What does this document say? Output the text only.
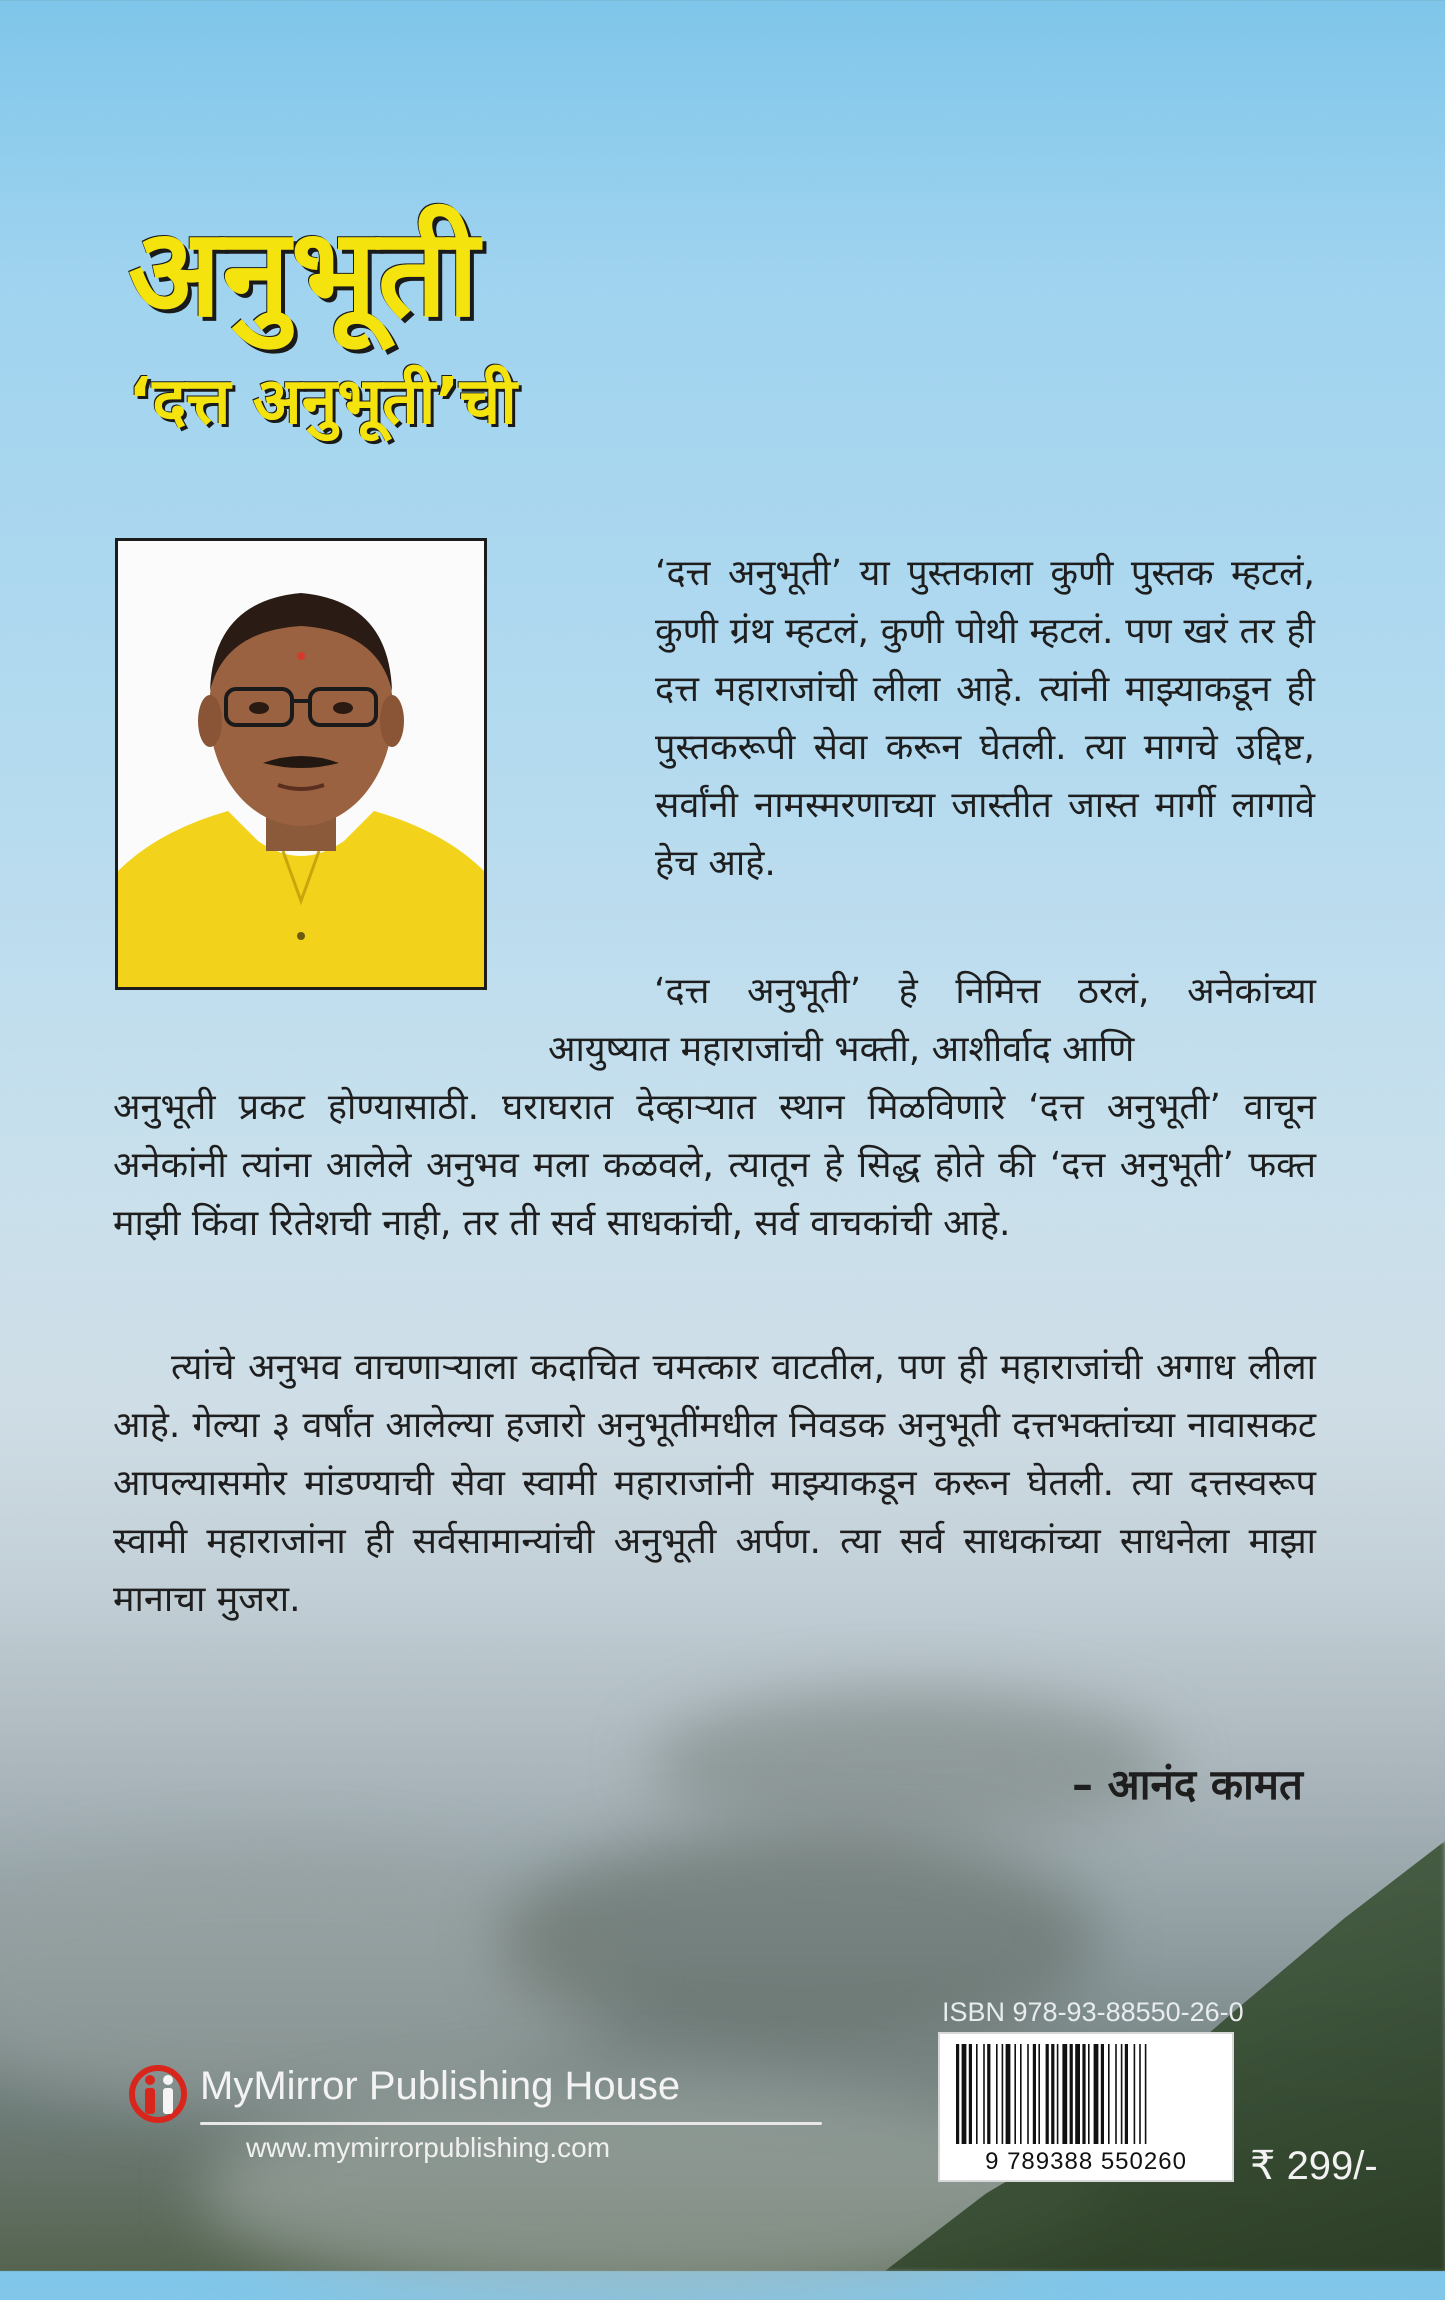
अनुभूती
‘दत्त अनुभूती’ची

‘दत्त अनुभूती’ या पुस्तकाला कुणी पुस्तक म्हटलं, कुणी ग्रंथ म्हटलं, कुणी पोथी म्हटलं. पण खरं तर ही दत्त महाराजांची लीला आहे. त्यांनी माझ्याकडून ही पुस्तकरूपी सेवा करून घेतली. त्या मागचे उद्दिष्ट, सर्वांनी नामस्मरणाच्या जास्तीत जास्त मार्गी लागावे हेच आहे.

‘दत्त अनुभूती’ हे निमित्त ठरलं, अनेकांच्या आयुष्यात महाराजांची भक्ती, आशीर्वाद आणि

अनुभूती प्रकट होण्यासाठी. घराघरात देव्हाऱ्यात स्थान मिळविणारे ‘दत्त अनुभूती’ वाचून अनेकांनी त्यांना आलेले अनुभव मला कळवले, त्यातून हे सिद्ध होते की ‘दत्त अनुभूती’ फक्त माझी किंवा रितेशची नाही, तर ती सर्व साधकांची, सर्व वाचकांची आहे.

त्यांचे अनुभव वाचणाऱ्याला कदाचित चमत्कार वाटतील, पण ही महाराजांची अगाध लीला आहे. गेल्या ३ वर्षांत आलेल्या हजारो अनुभूतींमधील निवडक अनुभूती दत्तभक्तांच्या नावासकट आपल्यासमोर मांडण्याची सेवा स्वामी महाराजांनी माझ्याकडून करून घेतली. त्या दत्तस्वरूप स्वामी महाराजांना ही सर्वसामान्यांची अनुभूती अर्पण. त्या सर्व साधकांच्या साधनेला माझा मानाचा मुजरा.

– आनंद कामत

ISBN 978-93-88550-26-0

9 789388 550260	₹ 299/-

MyMirror Publishing House

www.mymirrorpublishing.com
